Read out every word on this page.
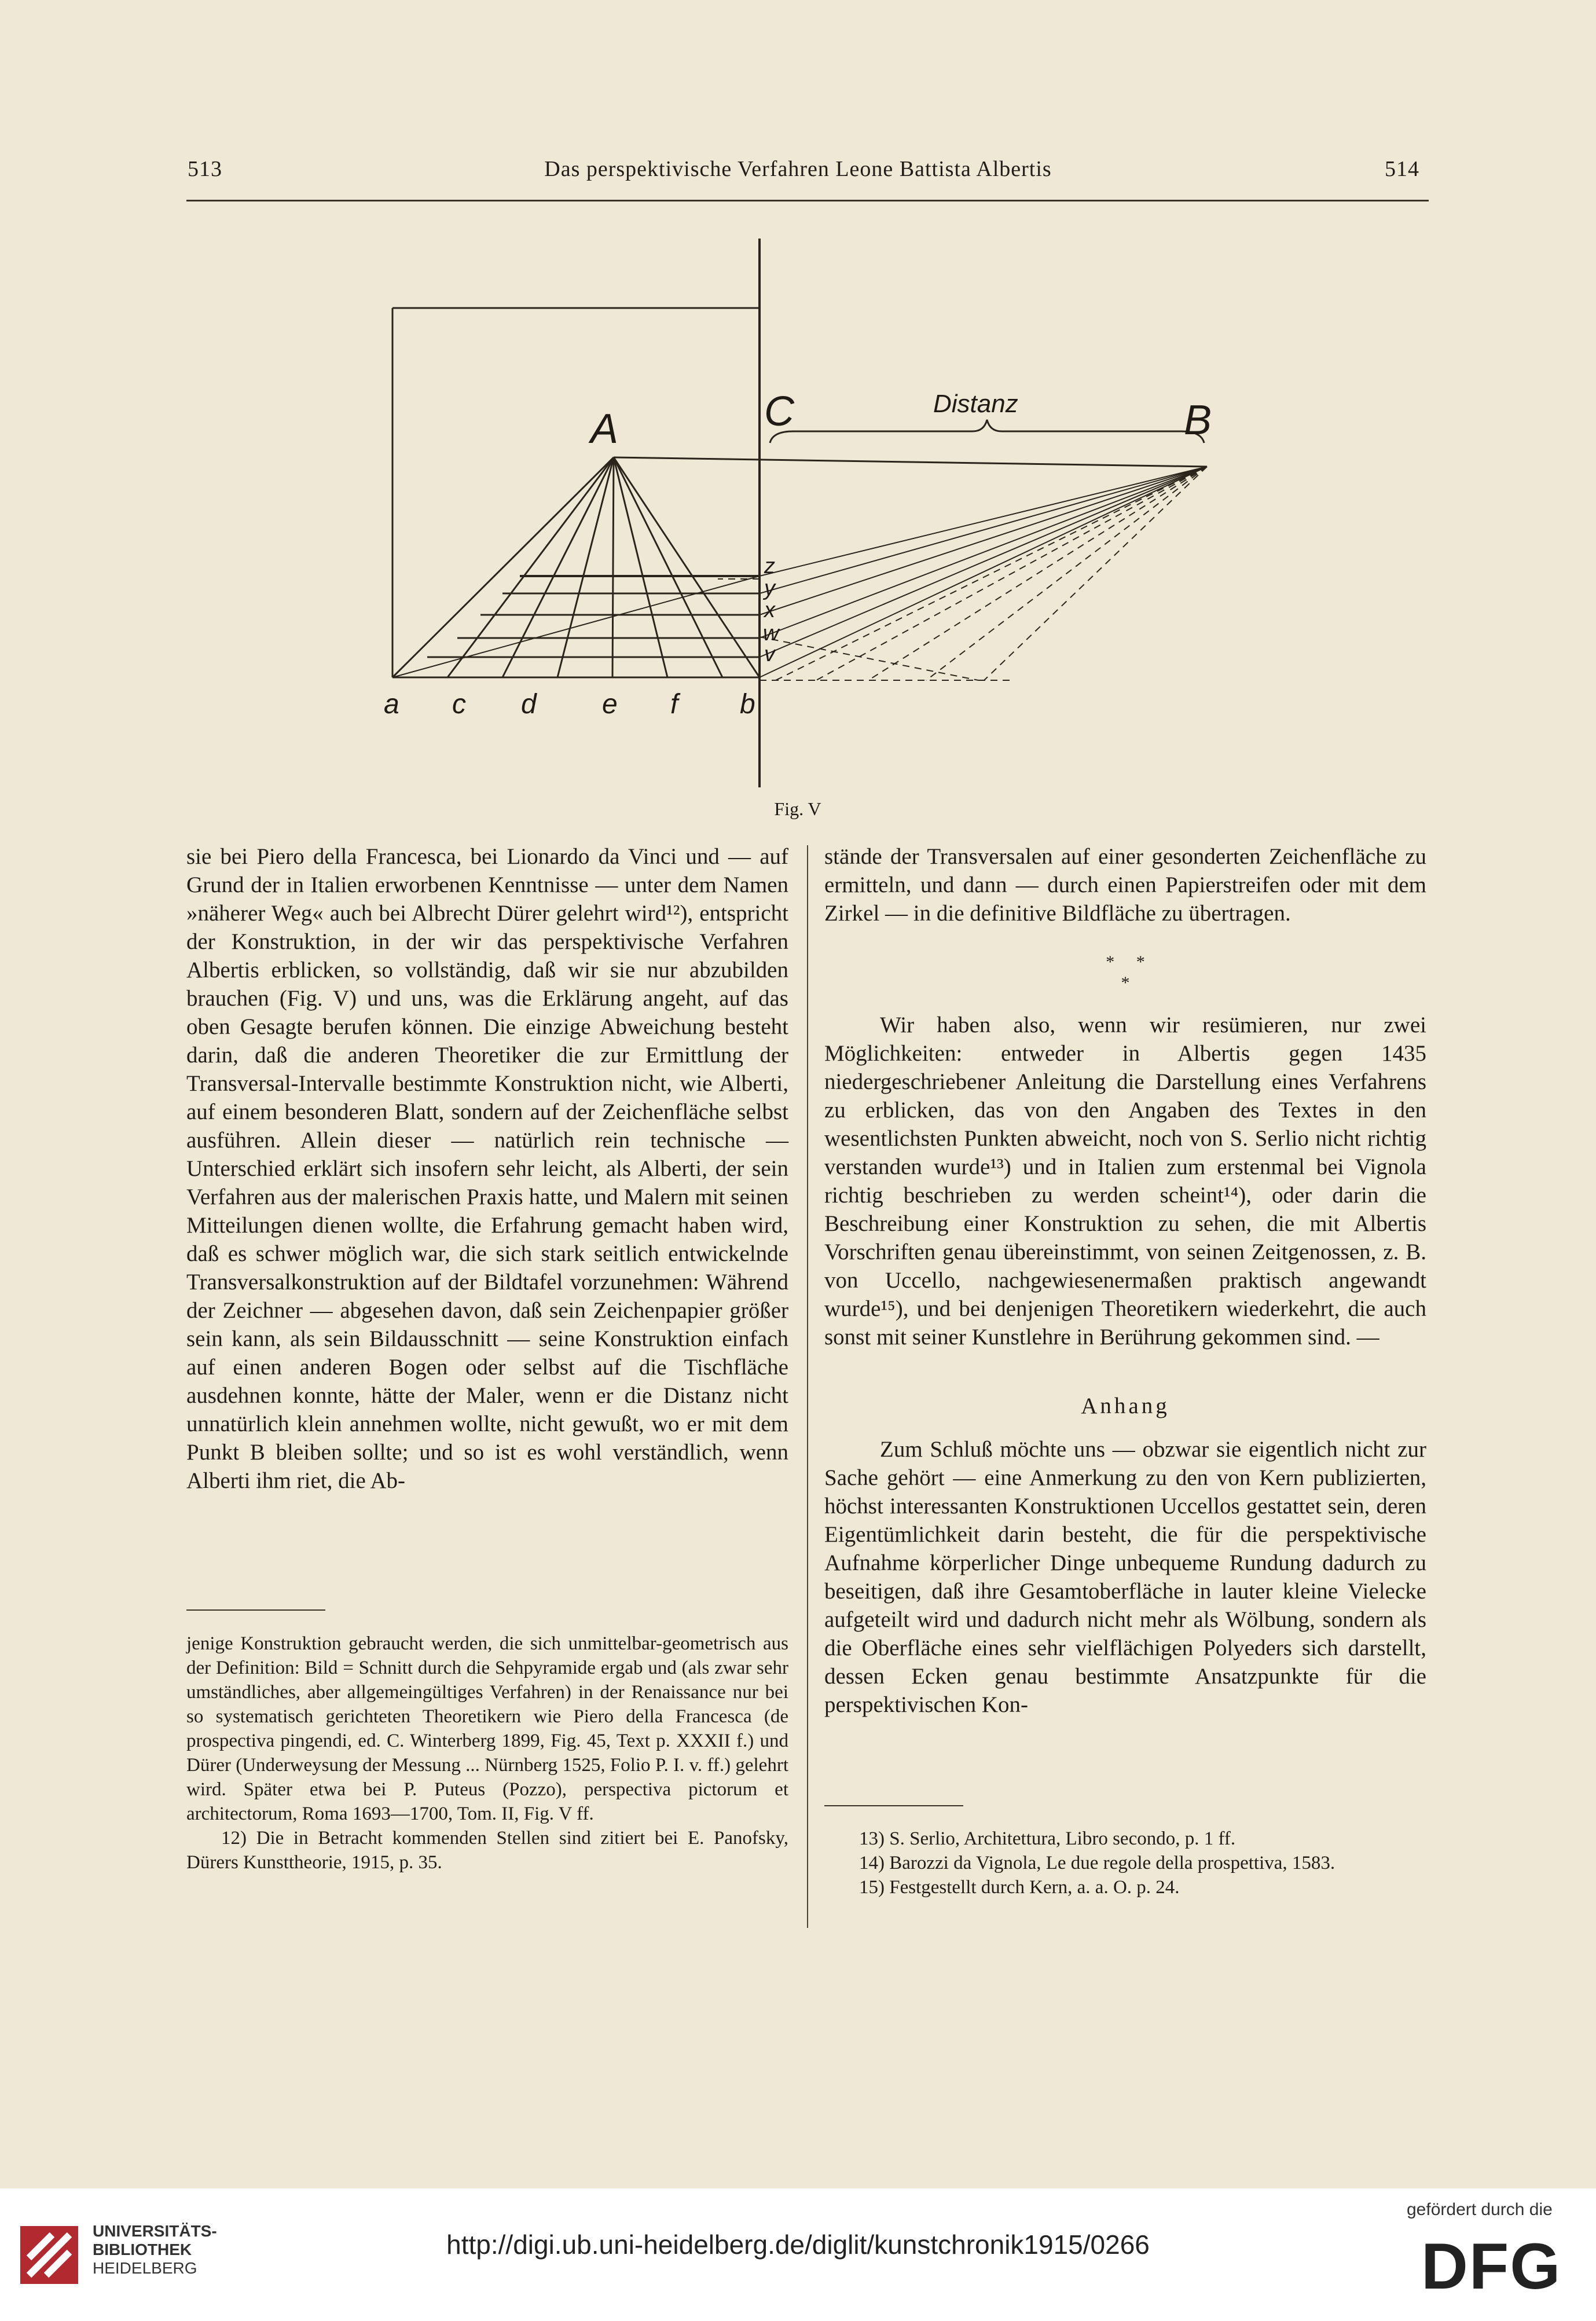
513	Das perspektivische Verfahren Leone Battista Albertis	514
A	C	B
Distanz
a c d e f b
z
y
x
w
v
Fig. V

sie bei Piero della Francesca, bei Lionardo da Vinci und — auf Grund der in Italien erworbenen Kenntnisse — unter dem Namen »näherer Weg« auch bei Albrecht Dürer gelehrt wird¹²), entspricht der Konstruktion, in der wir das perspektivische Verfahren Albertis erblicken, so vollständig, daß wir sie nur abzubilden brauchen (Fig. V) und uns, was die Erklärung angeht, auf das oben Gesagte berufen können. Die einzige Abweichung besteht darin, daß die anderen Theoretiker die zur Ermittlung der Transversal-Intervalle bestimmte Konstruktion nicht, wie Alberti, auf einem besonderen Blatt, sondern auf der Zeichenfläche selbst ausführen. Allein dieser — natürlich rein technische — Unterschied erklärt sich insofern sehr leicht, als Alberti, der sein Verfahren aus der malerischen Praxis hatte, und Malern mit seinen Mitteilungen dienen wollte, die Erfahrung gemacht haben wird, daß es schwer möglich war, die sich stark seitlich entwickelnde Transversalkonstruktion auf der Bildtafel vorzunehmen: Während der Zeichner — abgesehen davon, daß sein Zeichenpapier größer sein kann, als sein Bildausschnitt — seine Konstruktion einfach auf einen anderen Bogen oder selbst auf die Tischfläche ausdehnen konnte, hätte der Maler, wenn er die Distanz nicht unnatürlich klein annehmen wollte, nicht gewußt, wo er mit dem Punkt B bleiben sollte; und so ist es wohl verständlich, wenn Alberti ihm riet, die Ab-

jenige Konstruktion gebraucht werden, die sich unmittelbar-geometrisch aus der Definition: Bild = Schnitt durch die Sehpyramide ergab und (als zwar sehr umständliches, aber allgemeingültiges Verfahren) in der Renaissance nur bei so systematisch gerichteten Theoretikern wie Piero della Francesca (de prospectiva pingendi, ed. C. Winterberg 1899, Fig. 45, Text p. XXXII f.) und Dürer (Underweysung der Messung ... Nürnberg 1525, Folio P. I. v. ff.) gelehrt wird. Später etwa bei P. Puteus (Pozzo), perspectiva pictorum et architectorum, Roma 1693—1700, Tom. II, Fig. V ff.

12) Die in Betracht kommenden Stellen sind zitiert bei E. Panofsky, Dürers Kunsttheorie, 1915, p. 35.

stände der Transversalen auf einer gesonderten Zeichenfläche zu ermitteln, und dann — durch einen Papierstreifen oder mit dem Zirkel — in die definitive Bildfläche zu übertragen.

*     *
*

Wir haben also, wenn wir resümieren, nur zwei Möglichkeiten: entweder in Albertis gegen 1435 niedergeschriebener Anleitung die Darstellung eines Verfahrens zu erblicken, das von den Angaben des Textes in den wesentlichsten Punkten abweicht, noch von S. Serlio nicht richtig verstanden wurde¹³) und in Italien zum erstenmal bei Vignola richtig beschrieben zu werden scheint¹⁴), oder darin die Beschreibung einer Konstruktion zu sehen, die mit Albertis Vorschriften genau übereinstimmt, von seinen Zeitgenossen, z. B. von Uccello, nachgewiesenermaßen praktisch angewandt wurde¹⁵), und bei denjenigen Theoretikern wiederkehrt, die auch sonst mit seiner Kunstlehre in Berührung gekommen sind. —

Anhang

Zum Schluß möchte uns — obzwar sie eigentlich nicht zur Sache gehört — eine Anmerkung zu den von Kern publizierten, höchst interessanten Konstruktionen Uccellos gestattet sein, deren Eigentümlichkeit darin besteht, die für die perspektivische Aufnahme körperlicher Dinge unbequeme Rundung dadurch zu beseitigen, daß ihre Gesamtoberfläche in lauter kleine Vielecke aufgeteilt wird und dadurch nicht mehr als Wölbung, sondern als die Oberfläche eines sehr vielflächigen Polyeders sich darstellt, dessen Ecken genau bestimmte Ansatzpunkte für die perspektivischen Kon-

13) S. Serlio, Architettura, Libro secondo, p. 1 ff.

14) Barozzi da Vignola, Le due regole della prospettiva, 1583.

15) Festgestellt durch Kern, a. a. O. p. 24.

UNIVERSITÄTS-
BIBLIOTHEK
HEIDELBERG
http://digi.ub.uni-heidelberg.de/diglit/kunstchronik1915/0266
gefördert durch die
DFG
